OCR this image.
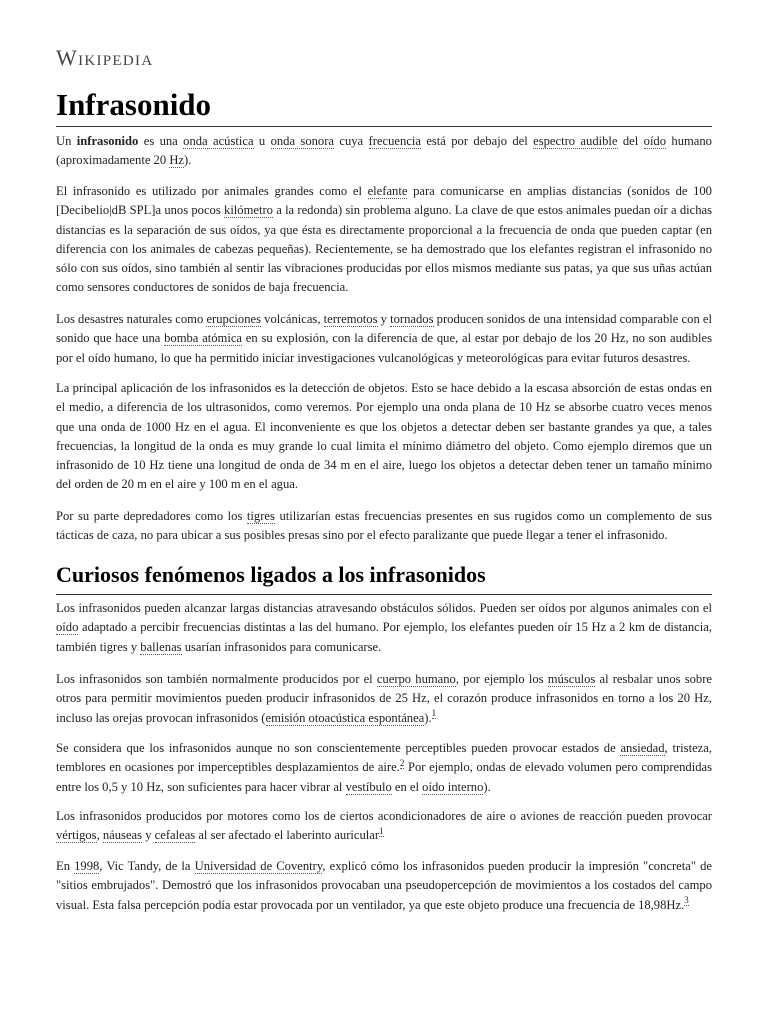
Wikipedia
Infrasonido

Un infrasonido es una onda acústica u onda sonora cuya frecuencia está por debajo del espectro audible del oído humano (aproximadamente 20 Hz).

El infrasonido es utilizado por animales grandes como el elefante para comunicarse en amplias distancias (sonidos de 100 [Decibelio|dB SPL]a unos pocos kilómetro a la redonda) sin problema alguno. La clave de que estos animales puedan oír a dichas distancias es la separación de sus oídos, ya que ésta es directamente proporcional a la frecuencia de onda que pueden captar (en diferencia con los animales de cabezas pequeñas). Recientemente, se ha demostrado que los elefantes registran el infrasonido no sólo con sus oídos, sino también al sentir las vibraciones producidas por ellos mismos mediante sus patas, ya que sus uñas actúan como sensores conductores de sonidos de baja frecuencia.

Los desastres naturales como erupciones volcánicas, terremotos y tornados producen sonidos de una intensidad comparable con el sonido que hace una bomba atómica en su explosión, con la diferencia de que, al estar por debajo de los 20 Hz, no son audibles por el oído humano, lo que ha permitido iniciar investigaciones vulcanológicas y meteorológicas para evitar futuros desastres.

La principal aplicación de los infrasonidos es la detección de objetos. Esto se hace debido a la escasa absorción de estas ondas en el medio, a diferencia de los ultrasonidos, como veremos. Por ejemplo una onda plana de 10 Hz se absorbe cuatro veces menos que una onda de 1000 Hz en el agua. El inconveniente es que los objetos a detectar deben ser bastante grandes ya que, a tales frecuencias, la longitud de la onda es muy grande lo cual limita el mínimo diámetro del objeto. Como ejemplo diremos que un infrasonido de 10 Hz tiene una longitud de onda de 34 m en el aire, luego los objetos a detectar deben tener un tamaño mínimo del orden de 20 m en el aire y 100 m en el agua.

Por su parte depredadores como los tigres utilizarían estas frecuencias presentes en sus rugidos como un complemento de sus tácticas de caza, no para ubicar a sus posibles presas sino por el efecto paralizante que puede llegar a tener el infrasonido.

Curiosos fenómenos ligados a los infrasonidos

Los infrasonidos pueden alcanzar largas distancias atravesando obstáculos sólidos. Pueden ser oídos por algunos animales con el oído adaptado a percibir frecuencias distintas a las del humano. Por ejemplo, los elefantes pueden oír 15 Hz a 2 km de distancia, también tigres y ballenas usarían infrasonidos para comunicarse.

Los infrasonidos son también normalmente producidos por el cuerpo humano, por ejemplo los músculos al resbalar unos sobre otros para permitir movimientos pueden producir infrasonidos de 25 Hz, el corazón produce infrasonidos en torno a los 20 Hz, incluso las orejas provocan infrasonidos (emisión otoacústica espontánea).$^1$

Se considera que los infrasonidos aunque no son conscientemente perceptibles pueden provocar estados de ansiedad, tristeza, temblores en ocasiones por imperceptibles desplazamientos de aire.$^2$ Por ejemplo, ondas de elevado volumen pero comprendidas entre los 0,5 y 10 Hz, son suficientes para hacer vibrar al vestíbulo en el oído interno).

Los infrasonidos producidos por motores como los de ciertos acondicionadores de aire o aviones de reacción pueden provocar vértigos, náuseas y cefaleas al ser afectado el laberinto auricular$^1$

En 1998, Vic Tandy, de la Universidad de Coventry, explicó cómo los infrasonidos pueden producir la impresión "concreta" de "sitios embrujados". Demostró que los infrasonidos provocaban una pseudopercepción de movimientos a los costados del campo visual. Esta falsa percepción podía estar provocada por un ventilador, ya que este objeto produce una frecuencia de 18,98Hz.$^3$
